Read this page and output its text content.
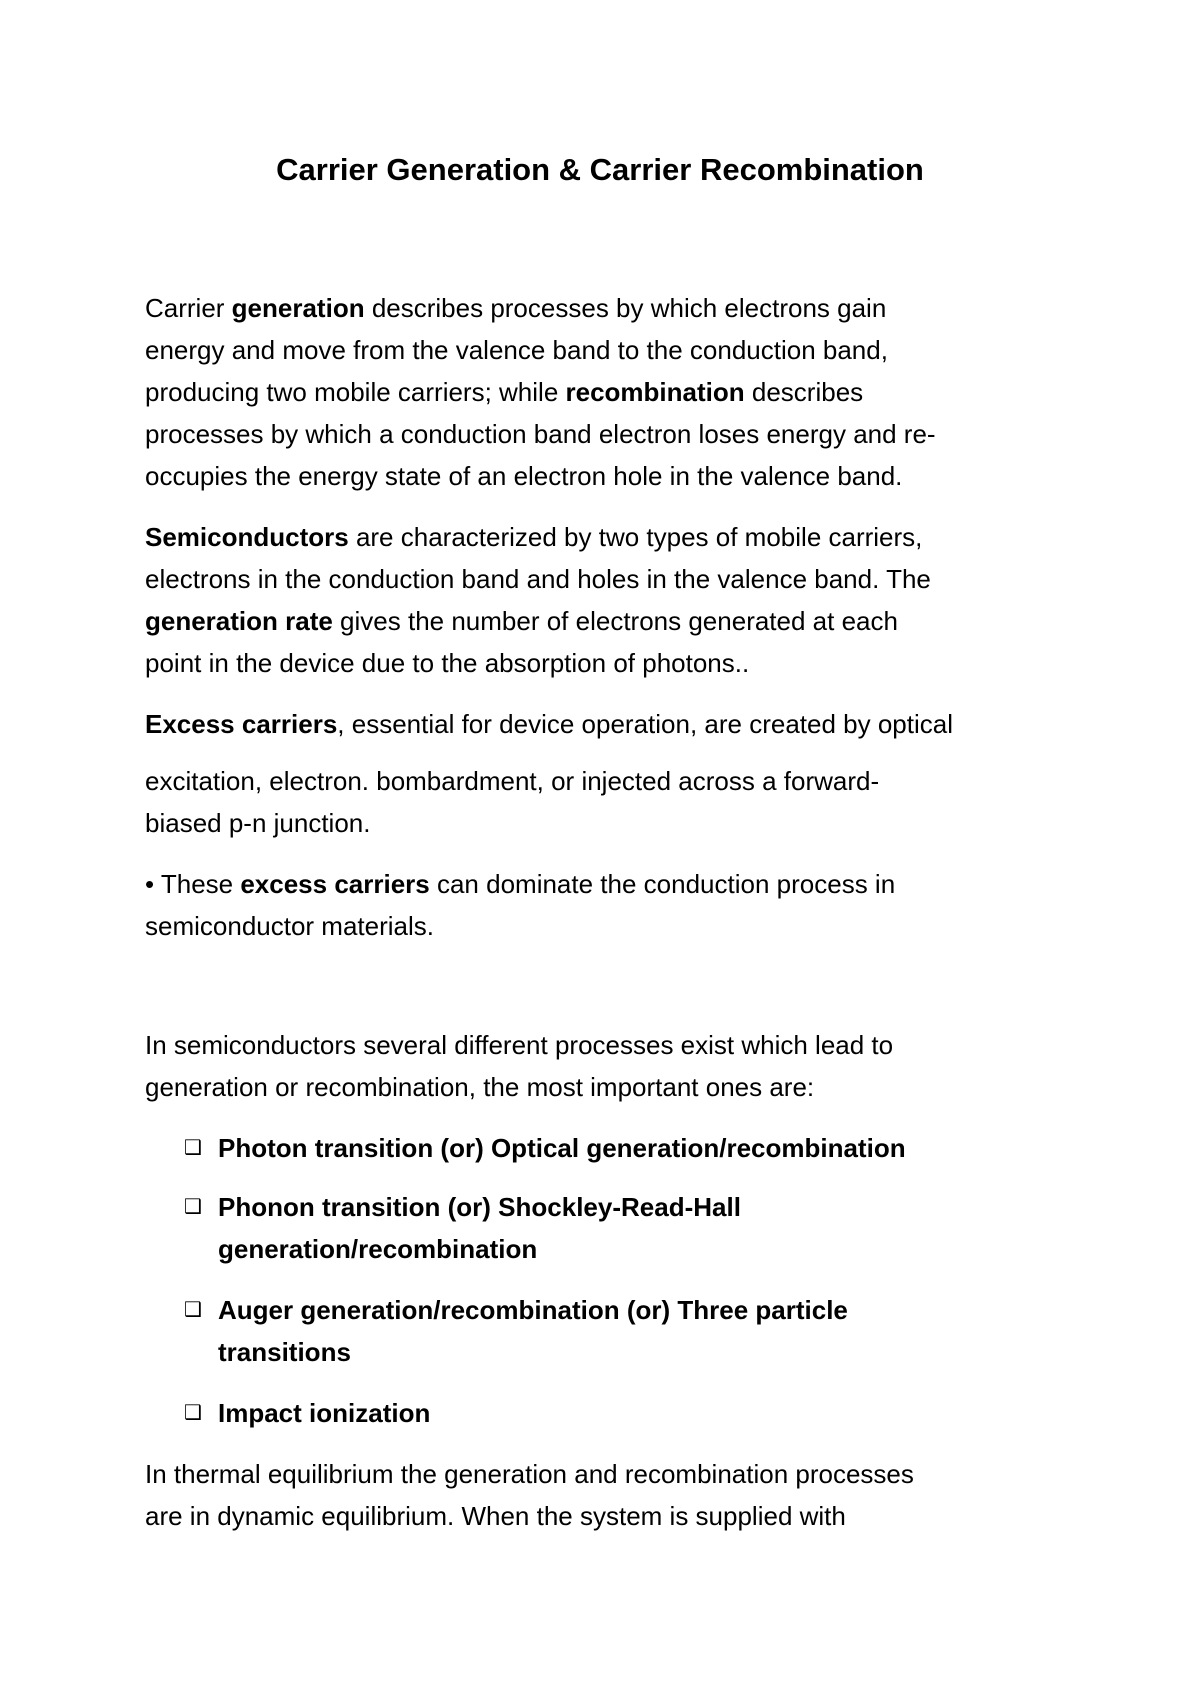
Carrier Generation & Carrier Recombination
Carrier generation describes processes by which electrons gain
energy and move from the valence band to the conduction band,
producing two mobile carriers; while recombination describes
processes by which a conduction band electron loses energy and re-
occupies the energy state of an electron hole in the valence band.
Semiconductors are characterized by two types of mobile carriers,
electrons in the conduction band and holes in the valence band. The
generation rate gives the number of electrons generated at each
point in the device due to the absorption of photons..
Excess carriers, essential for device operation, are created by optical
excitation, electron. bombardment, or injected across a forward-
biased p-n junction.
• These excess carriers can dominate the conduction process in
semiconductor materials.
In semiconductors several different processes exist which lead to
generation or recombination, the most important ones are:
❑ Photon transition (or) Optical generation/recombination
❑ Phonon transition (or) Shockley-Read-Hall
generation/recombination
❑ Auger generation/recombination (or) Three particle
transitions
❑ Impact ionization
In thermal equilibrium the generation and recombination processes
are in dynamic equilibrium. When the system is supplied with
